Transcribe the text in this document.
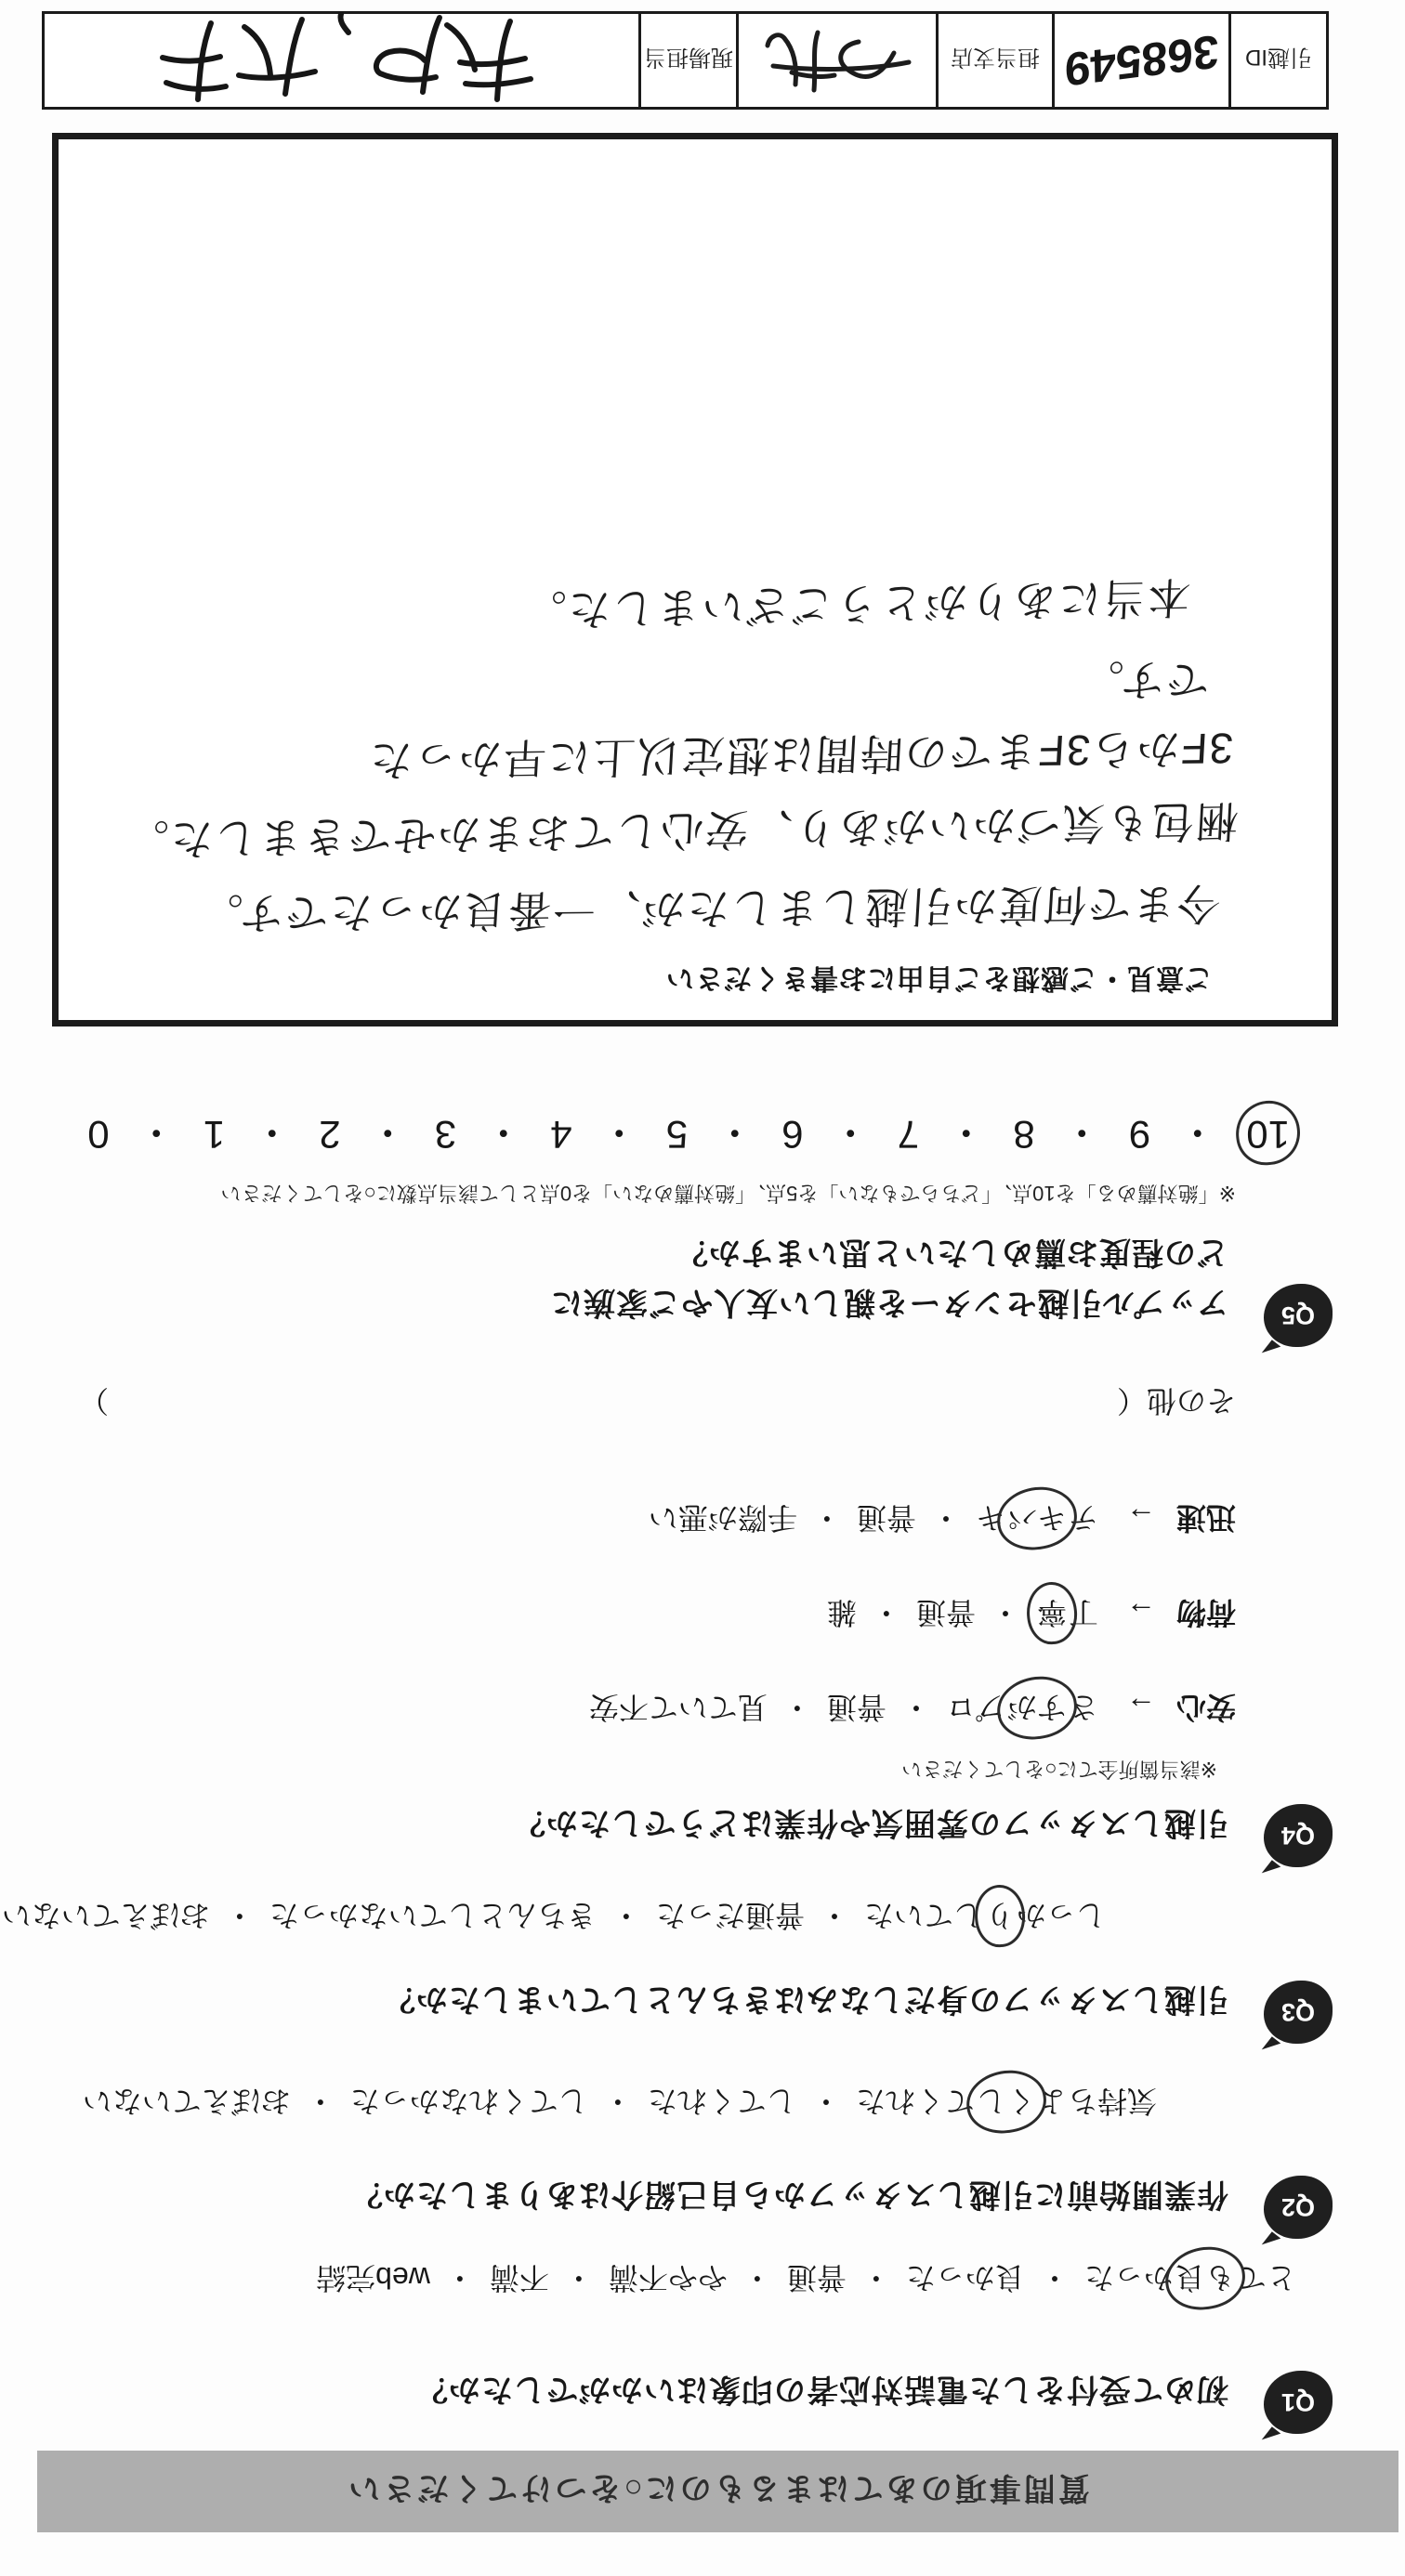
質問事項のあてはまるものに○をつけてください
Q1
初めて受付をした電話対応者の印象はいかがでしたか？
とても良かった・良かった・普通・やや不満・不満・web完結
Q2
作業開始前に引越しスタッフから自己紹介はありましたか？
気持ちよくしてくれた・してくれた・してくれなかった・おぼえていない
Q3
引越しスタッフの身だしなみはきちんとしていましたか？
しっかりしていた・普通だった・きちんとしていなかった・おぼえていない
Q4
引越しスタッフの雰囲気や作業はどうでしたか？
※該当箇所全てに○をしてください
安心→さすがプロ・普通・見ていて不安
荷物→丁寧・普通・雑
迅速→テキパキ・普通・手際が悪い
その他
（
）
Q5
アップル引越センターを親しい友人やご家族に
どの程度お薦めしたいと思いますか？
※「絶対薦める」を10点、「どちらでもない」を5点、「絶対薦めない」を0点として該当点数に○をしてください
10
・
9
・
8
・
7
・
6
・
5
・
4
・
3
・
2
・
1
・
0
ご意見・ご感想をご自由にお書きください
今まで何度か引越しましたが、一番良かったです。
梱包も気づかいがあり、安心しておまかせできました。
3Fから3Fまでの時間は想定以上に早かった
です。
本当にありがとうございました。
引越ID
368549
担当支店
現場担当
